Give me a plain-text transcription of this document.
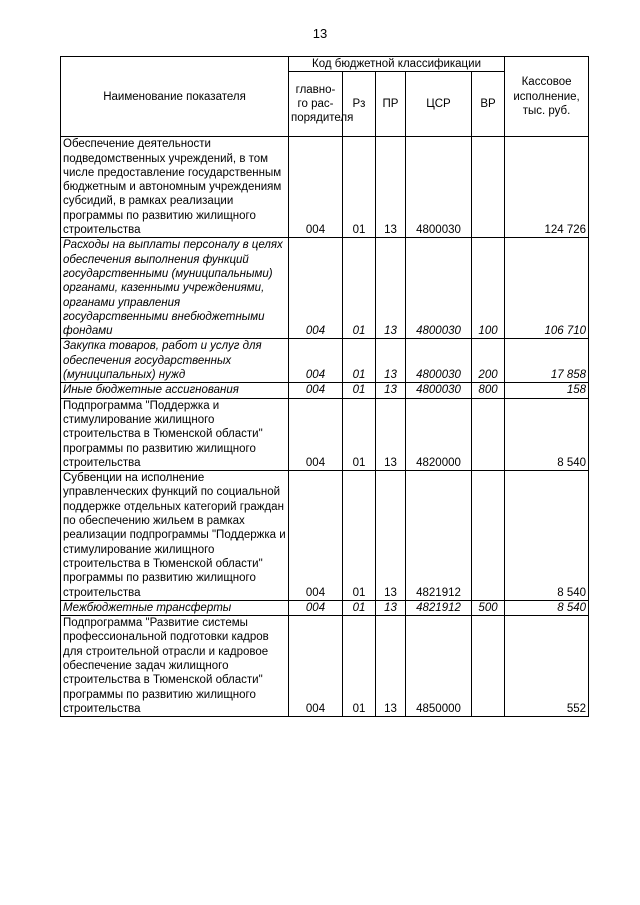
13
Наименование показателя	Код бюджетной классификации					Кассовое исполнение, тыс. руб.
	главно-го рас-порядителя	Рз	ПР	ЦСР	ВР	
Обеспечение деятельности подведомственных учреждений, в том числе предоставление государственным бюджетным и автономным учреждениям субсидий, в рамках реализации программы по развитию жилищного строительства	004	01	13	4800030		124 726
Расходы на выплаты персоналу в целях обеспечения выполнения функций государственными (муниципальными) органами, казенными учреждениями, органами управления государственными внебюджетными фондами	004	01	13	4800030	100	106 710
Закупка товаров, работ и услуг для обеспечения государственных (муниципальных) нужд	004	01	13	4800030	200	17 858
Иные бюджетные ассигнования	004	01	13	4800030	800	158
Подпрограмма "Поддержка и стимулирование жилищного строительства в Тюменской области" программы по развитию жилищного строительства	004	01	13	4820000		8 540
Субвенции на исполнение управленческих функций по социальной поддержке отдельных категорий граждан по обеспечению жильем в рамках реализации подпрограммы "Поддержка и стимулирование жилищного строительства в Тюменской области" программы по развитию жилищного строительства	004	01	13	4821912		8 540
Межбюджетные трансферты	004	01	13	4821912	500	8 540
Подпрограмма "Развитие системы профессиональной подготовки кадров для строительной отрасли и кадровое обеспечение задач жилищного строительства в Тюменской области" программы по развитию жилищного строительства	004	01	13	4850000		552
